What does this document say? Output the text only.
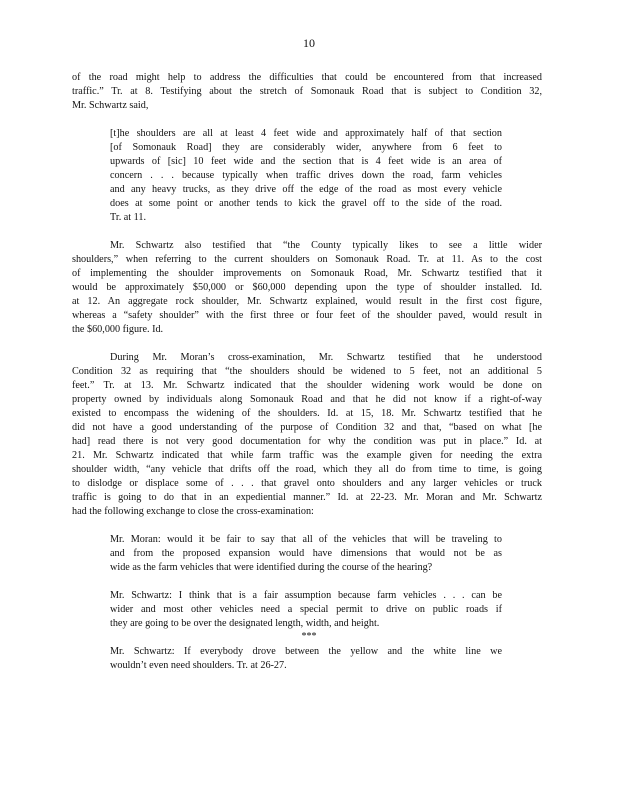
10
of the road might help to address the difficulties that could be encountered from that increased
traffic.” Tr. at 8. Testifying about the stretch of Somonauk Road that is subject to Condition 32,
Mr. Schwartz said,
[t]he shoulders are all at least 4 feet wide and approximately half of that section
[of Somonauk Road] they are considerably wider, anywhere from 6 feet to
upwards of [sic] 10 feet wide and the section that is 4 feet wide is an area of
concern . . . because typically when traffic drives down the road, farm vehicles
and any heavy trucks, as they drive off the edge of the road as most every vehicle
does at some point or another tends to kick the gravel off to the side of the road.
Tr. at 11.
Mr. Schwartz also testified that “the County typically likes to see a little wider
shoulders,” when referring to the current shoulders on Somonauk Road. Tr. at 11. As to the cost
of implementing the shoulder improvements on Somonauk Road, Mr. Schwartz testified that it
would be approximately $50,000 or $60,000 depending upon the type of shoulder installed. Id.
at 12. An aggregate rock shoulder, Mr. Schwartz explained, would result in the first cost figure,
whereas a “safety shoulder” with the first three or four feet of the shoulder paved, would result in
the $60,000 figure. Id.
During Mr. Moran’s cross-examination, Mr. Schwartz testified that he understood
Condition 32 as requiring that “the shoulders should be widened to 5 feet, not an additional 5
feet.” Tr. at 13. Mr. Schwartz indicated that the shoulder widening work would be done on
property owned by individuals along Somonauk Road and that he did not know if a right-of-way
existed to encompass the widening of the shoulders. Id. at 15, 18. Mr. Schwartz testified that he
did not have a good understanding of the purpose of Condition 32 and that, “based on what [he
had] read there is not very good documentation for why the condition was put in place.” Id. at
21. Mr. Schwartz indicated that while farm traffic was the example given for needing the extra
shoulder width, “any vehicle that drifts off the road, which they all do from time to time, is going
to dislodge or displace some of . . . that gravel onto shoulders and any larger vehicles or truck
traffic is going to do that in an expediential manner.” Id. at 22-23. Mr. Moran and Mr. Schwartz
had the following exchange to close the cross-examination:
Mr. Moran: would it be fair to say that all of the vehicles that will be traveling to
and from the proposed expansion would have dimensions that would not be as
wide as the farm vehicles that were identified during the course of the hearing?
Mr. Schwartz: I think that is a fair assumption because farm vehicles . . . can be
wider and most other vehicles need a special permit to drive on public roads if
they are going to be over the designated length, width, and height.
***
Mr. Schwartz: If everybody drove between the yellow and the white line we
wouldn’t even need shoulders. Tr. at 26-27.
